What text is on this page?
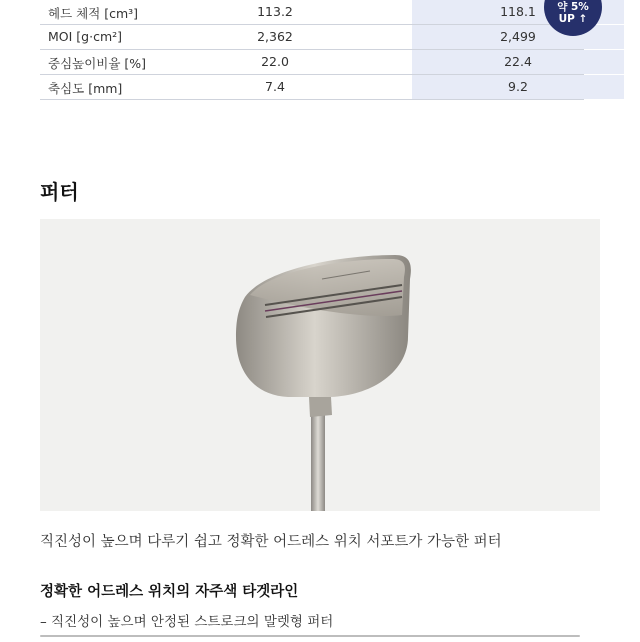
헤드 체적 [cm³]	113.2	118.1
MOI [g·cm²]	2,362	2,499
중심높이비율 [%]	22.0	22.4
축심도 [mm]	7.4	9.2
약 5%
UP ↑
퍼터

직진성이 높으며 다루기 쉽고 정확한 어드레스 위치 서포트가 가능한 퍼터

정확한 어드레스 위치의 자주색 타겟라인

– 직진성이 높으며 안정된 스트로크의 말렛형 퍼터
